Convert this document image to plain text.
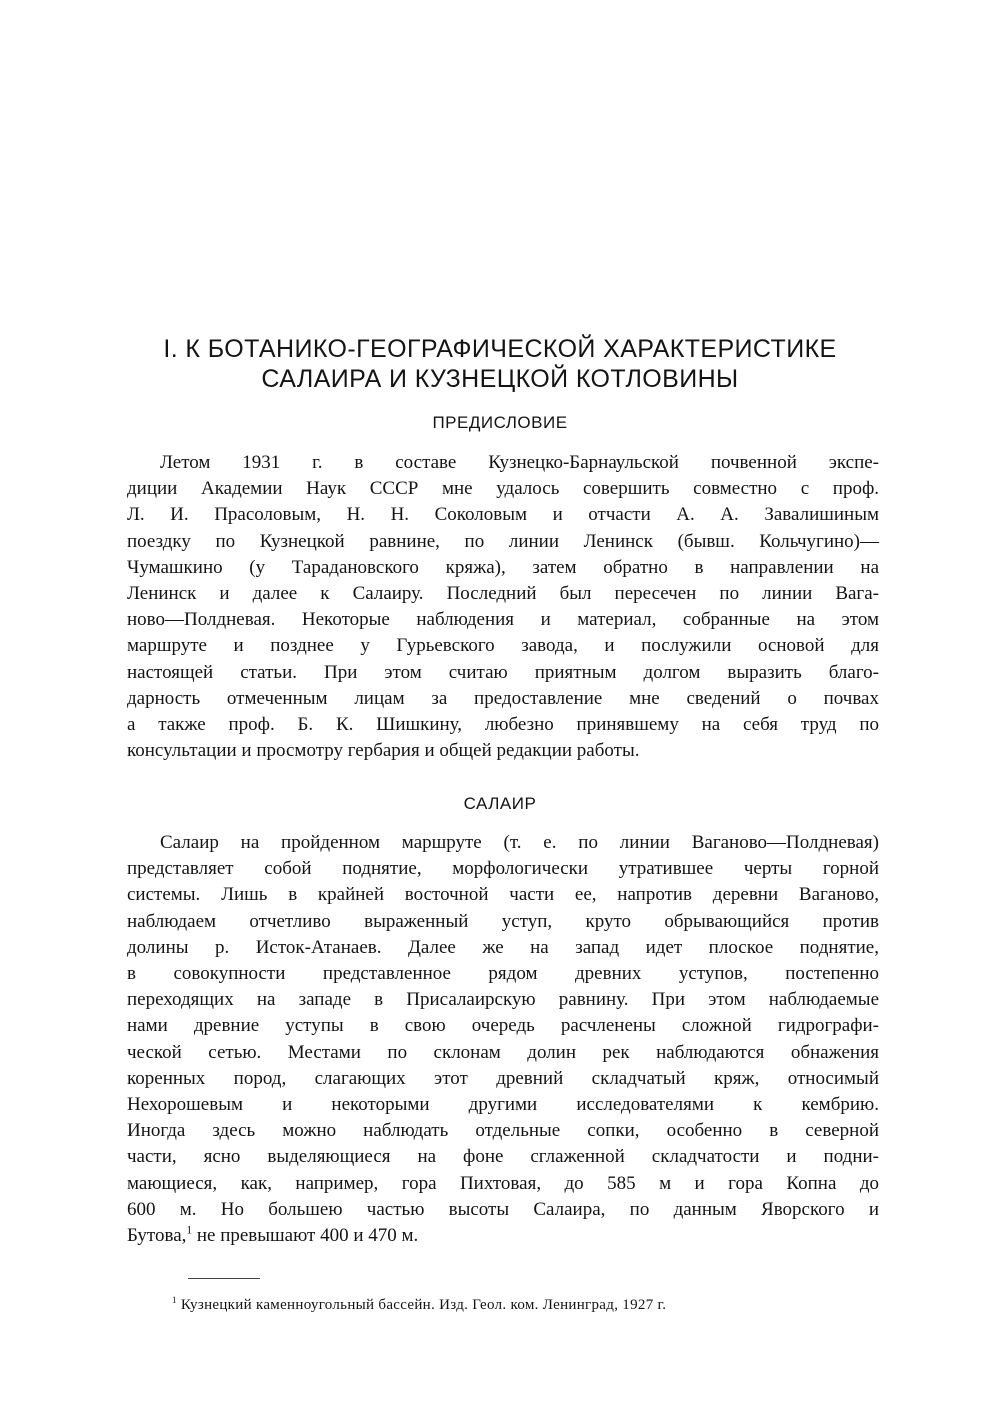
I. К БОТАНИКО-ГЕОГРАФИЧЕСКОЙ ХАРАКТЕРИСТИКЕ
САЛАИРА И КУЗНЕЦКОЙ КОТЛОВИНЫ
ПРЕДИСЛОВИЕ
Летом 1931 г. в составе Кузнецко-Барнаульской почвенной экспе-
диции Академии Наук СССР мне удалось совершить совместно с проф.
Л. И. Прасоловым, Н. Н. Соколовым и отчасти А. А. Завалишиным
поездку по Кузнецкой равнине, по линии Ленинск (бывш. Кольчугино)—
Чумашкино (у Тарадановского кряжа), затем обратно в направлении на
Ленинск и далее к Салаиру. Последний был пересечен по линии Вага-
ново—Полдневая. Некоторые наблюдения и материал, собранные на этом
маршруте и позднее у Гурьевского завода, и послужили основой для
настоящей статьи. При этом считаю приятным долгом выразить благо-
дарность отмеченным лицам за предоставление мне сведений о почвах
а также проф. Б. К. Шишкину, любезно принявшему на себя труд по
консультации и просмотру гербария и общей редакции работы.
САЛАИР
Салаир на пройденном маршруте (т. е. по линии Ваганово—Полдневая)
представляет собой поднятие, морфологически утратившее черты горной
системы. Лишь в крайней восточной части ее, напротив деревни Ваганово,
наблюдаем отчетливо выраженный уступ, круто обрывающийся против
долины р. Исток-Атанаев. Далее же на запад идет плоское поднятие,
в совокупности представленное рядом древних уступов, постепенно
переходящих на западе в Присалаирскую равнину. При этом наблюдаемые
нами древние уступы в свою очередь расчленены сложной гидрографи-
ческой сетью. Местами по склонам долин рек наблюдаются обнажения
коренных пород, слагающих этот древний складчатый кряж, относимый
Нехорошевым и некоторыми другими исследователями к кембрию.
Иногда здесь можно наблюдать отдельные сопки, особенно в северной
части, ясно выделяющиеся на фоне сглаженной складчатости и подни-
мающиеся, как, например, гора Пихтовая, до 585 м и гора Копна до
600 м. Но большею частью высоты Салаира, по данным Яворского и
Бутова,$^1$ не превышают 400 и 470 м.
$^1$ Кузнецкий каменноугольный бассейн. Изд. Геол. ком. Ленинград, 1927 г.
